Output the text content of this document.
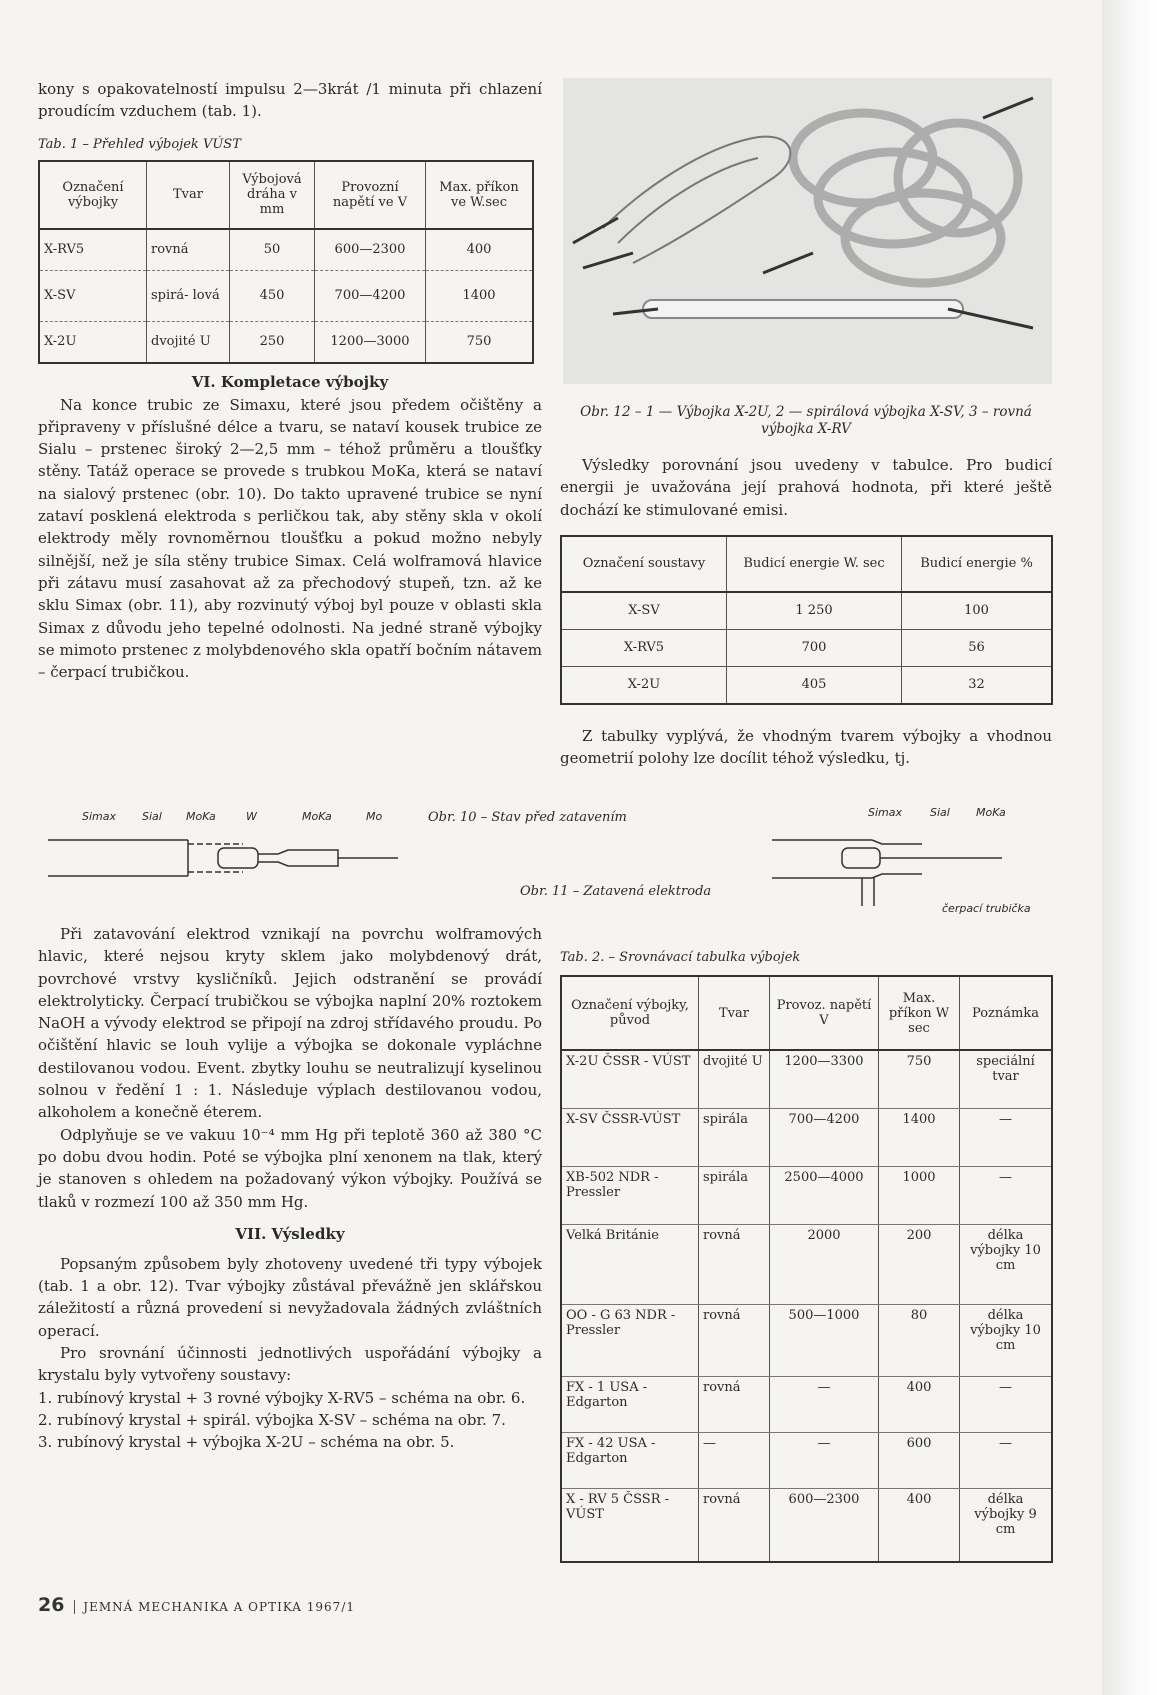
kony s opakovatelností impulsu 2—3krát /1 minuta při chlazení proudícím vzduchem (tab. 1).

Tab. 1 – Přehled výbojek VÚST

Označení výbojky	Tvar	Výbojová dráha v mm	Provozní napětí ve V	Max. příkon ve W.sec
X-RV5	rovná	50	600—2300	400
X-SV	spirá- lová	450	700—4200	1400
X-2U	dvojité U	250	1200—3000	750

VI. Kompletace výbojky

Na konce trubic ze Simaxu, které jsou předem očištěny a připraveny v příslušné délce a tvaru, se nataví kousek trubice ze Sialu – prstenec široký 2—2,5 mm – téhož průměru a tloušťky stěny. Tatáž operace se provede s trubkou MoKa, která se nataví na sialový prstenec (obr. 10). Do takto upravené trubice se nyní zataví posklená elektroda s perličkou tak, aby stěny skla v okolí elektrody měly rovnoměrnou tloušťku a pokud možno nebyly silnější, než je síla stěny trubice Simax. Celá wolframová hlavice při zátavu musí zasahovat až za přechodový stupeň, tzn. až ke sklu Simax (obr. 11), aby rozvinutý výboj byl pouze v oblasti skla Simax z důvodu jeho tepelné odolnosti. Na jedné straně výbojky se mimoto prstenec z molybdenového skla opatří bočním nátavem – čerpací trubičkou.

Obr. 12 – 1 — Výbojka X-2U, 2 — spirálová výbojka X-SV, 3 – rovná výbojka X-RV

Výsledky porovnání jsou uvedeny v tabulce. Pro budicí energii je uvažována její prahová hodnota, při které ještě dochází ke stimulované emisi.

Označení soustavy	Budicí energie W. sec	Budicí energie %
X-SV	1 250	100
X-RV5	700	56
X-2U	405	32

Z tabulky vyplývá, že vhodným tvarem výbojky a vhodnou geometrií polohy lze docílit téhož výsledku, tj.

Simax Sial MoKa	W	MoKa	Mo	Obr. 10 – Stav před zatavením	Simax	Sial MoKa
čerpací trubička
Obr. 11 – Zatavená elektroda

Při zatavování elektrod vznikají na povrchu wolframových hlavic, které nejsou kryty sklem jako molybdenový drát, povrchové vrstvy kysličníků. Jejich odstranění se provádí elektrolyticky. Čerpací trubičkou se výbojka naplní 20% roztokem NaOH a vývody elektrod se připojí na zdroj střídavého proudu. Po očištění hlavic se louh vylije a výbojka se dokonale vypláchne destilovanou vodou. Event. zbytky louhu se neutralizují kyselinou solnou v ředění 1 : 1. Následuje výplach destilovanou vodou, alkoholem a konečně éterem.

Odplyňuje se ve vakuu 10⁻⁴ mm Hg při teplotě 360 až 380 °C po dobu dvou hodin. Poté se výbojka plní xenonem na tlak, který je stanoven s ohledem na požadovaný výkon výbojky. Používá se tlaků v rozmezí 100 až 350 mm Hg.

VII. Výsledky

Popsaným způsobem byly zhotoveny uvedené tři typy výbojek (tab. 1 a obr. 12). Tvar výbojky zůstával převážně jen sklářskou záležitostí a různá provedení si nevyžadovala žádných zvláštních operací.

Pro srovnání účinnosti jednotlivých uspořádání výbojky a krystalu byly vytvořeny soustavy:

1. rubínový krystal + 3 rovné výbojky X-RV5 – schéma na obr. 6.
2. rubínový krystal + spirál. výbojka X-SV – schéma na obr. 7.
3. rubínový krystal + výbojka X-2U – schéma na obr. 5.

Tab. 2. – Srovnávací tabulka výbojek

Označení výbojky, původ	Tvar	Provoz. napětí V	Max. příkon W sec	Poznámka
X-2U ČSSR - VÚST	dvojité U	1200—3300	750	speciální tvar
X-SV ČSSR-VÚST	spirála	700—4200	1400	—
XB-502 NDR - Pressler	spirála	2500—4000	1000	—
Velká Británie	rovná	2000	200	délka výbojky 10 cm
OO - G 63 NDR - Pressler	rovná	500—1000	80	délka výbojky 10 cm
FX - 1 USA - Edgarton	rovná	—	400	—
FX - 42 USA - Edgarton	—	—	600	—
X - RV 5 ČSSR - VÚST	rovná	600—2300	400	délka výbojky 9 cm
26 JEMNÁ MECHANIKA A OPTIKA 1967/1
